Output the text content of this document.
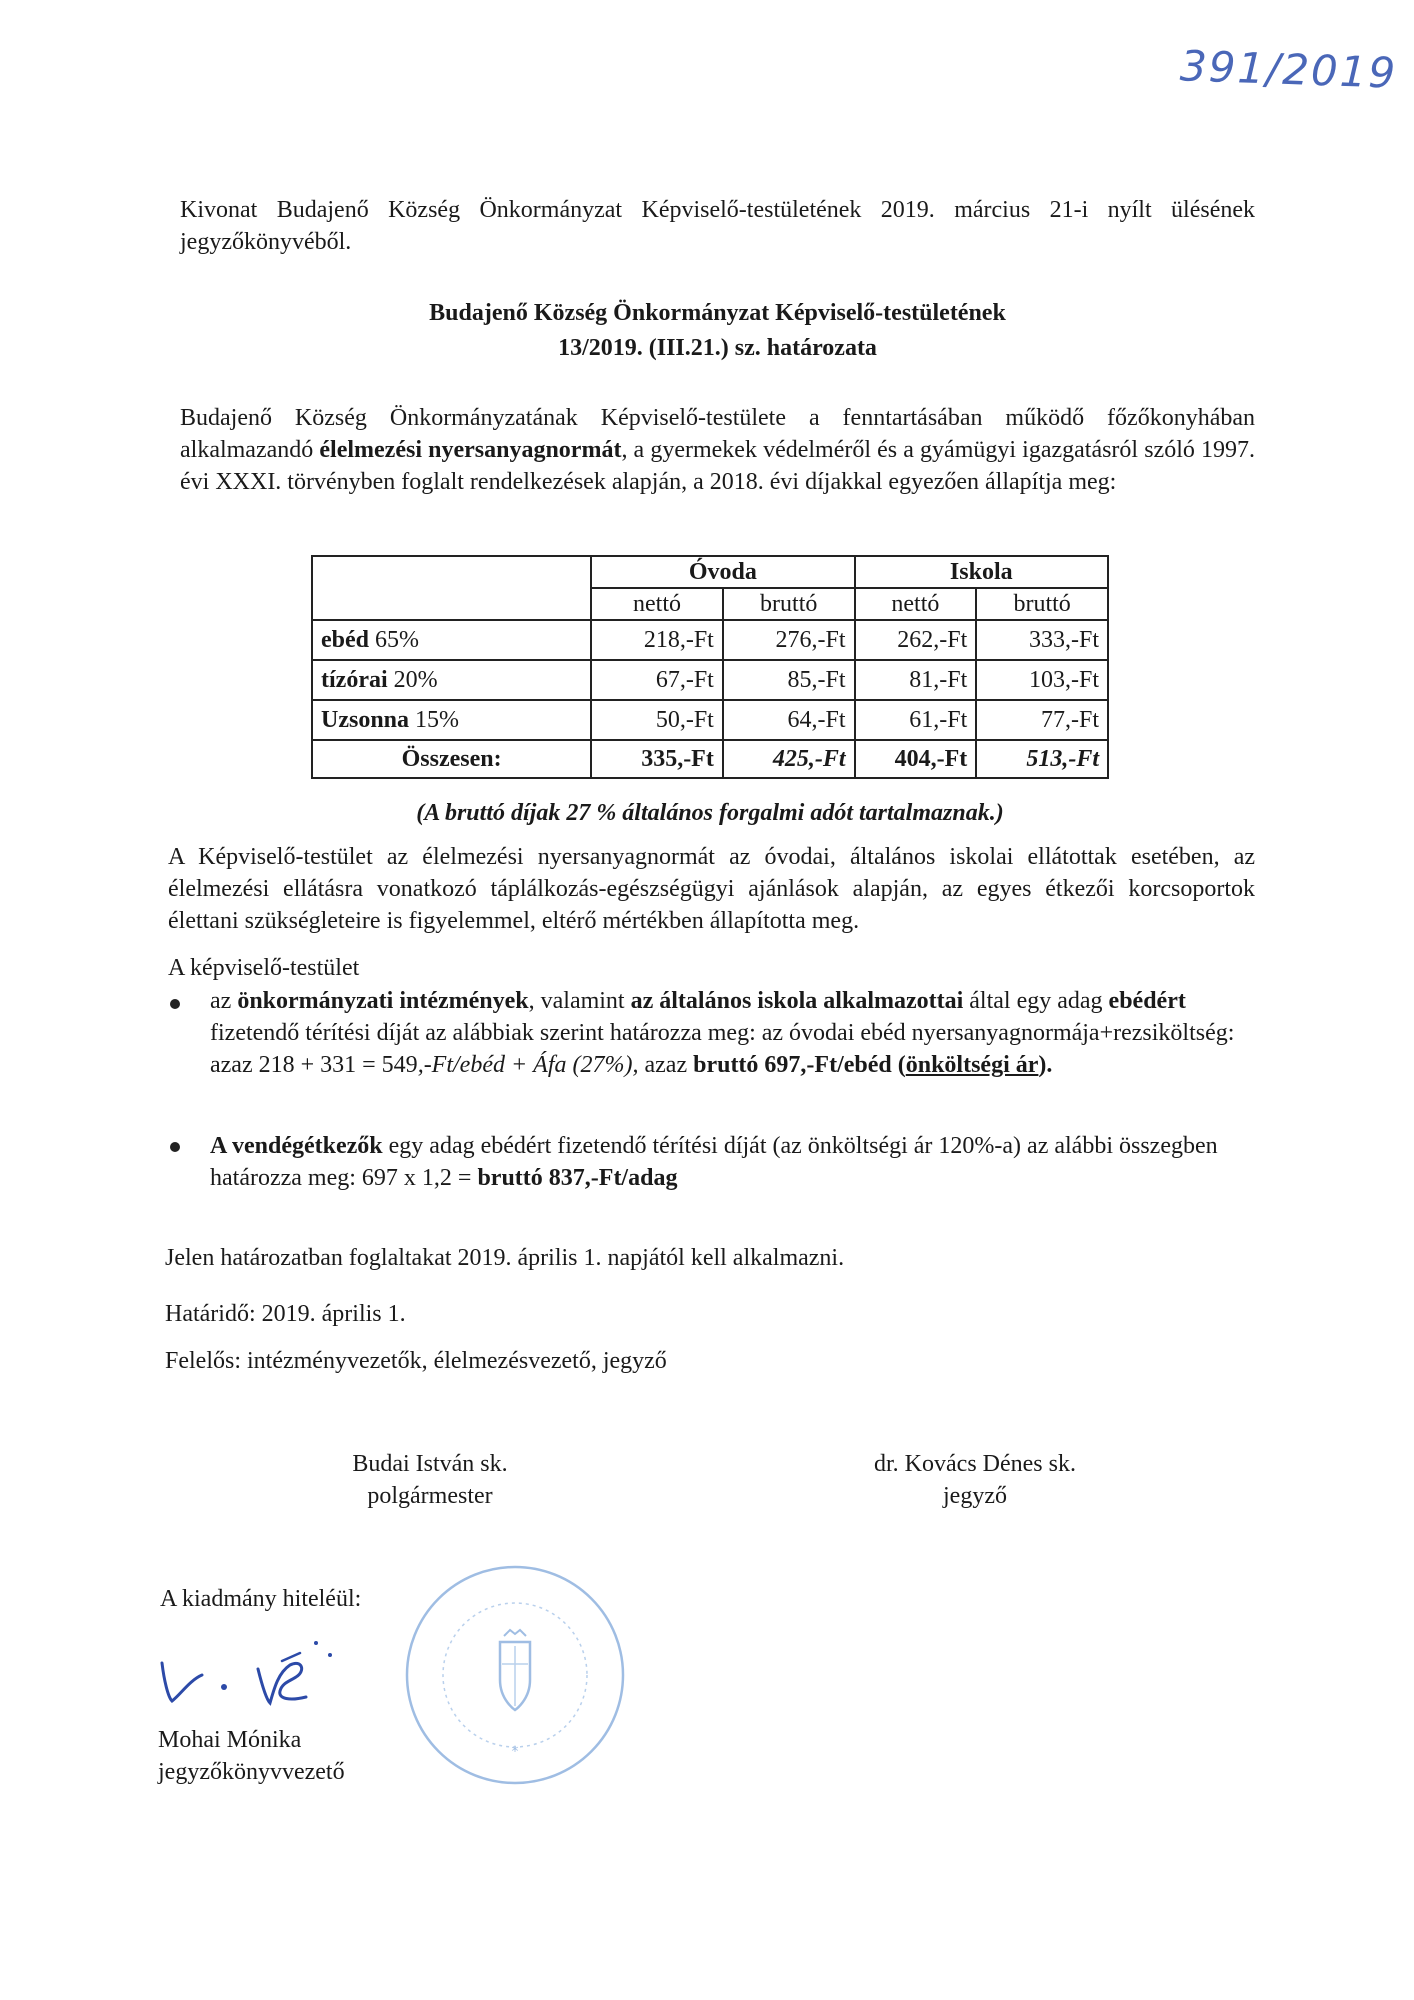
391/2019
Kivonat Budajenő Község Önkormányzat Képviselő-testületének 2019. március 21-i nyílt ülésének jegyzőkönyvéből.
Budajenő Község Önkormányzat Képviselő-testületének
13/2019. (III.21.) sz. határozata
Budajenő Község Önkormányzatának Képviselő-testülete a fenntartásában működő főzőkonyhában alkalmazandó élelmezési nyersanyagnormát, a gyermekek védelméről és a gyámügyi igazgatásról szóló 1997. évi XXXI. törvényben foglalt rendelkezések alapján, a 2018. évi díjakkal egyezően állapítja meg:
	Óvoda		Iskola	
	nettó	bruttó	nettó	bruttó
ebéd 65%	218,-Ft	276,-Ft	262,-Ft	333,-Ft
tízórai 20%	67,-Ft	85,-Ft	81,-Ft	103,-Ft
Uzsonna 15%	50,-Ft	64,-Ft	61,-Ft	77,-Ft
Összesen:	335,-Ft	425,-Ft	404,-Ft	513,-Ft
(A bruttó díjak 27 % általános forgalmi adót tartalmaznak.)
A Képviselő-testület az élelmezési nyersanyagnormát az óvodai, általános iskolai ellátottak esetében, az élelmezési ellátásra vonatkozó táplálkozás-egészségügyi ajánlások alapján, az egyes étkezői korcsoportok élettani szükségleteire is figyelemmel, eltérő mértékben állapította meg.
A képviselő-testület
az önkormányzati intézmények, valamint az általános iskola alkalmazottai által egy adag ebédért fizetendő térítési díját az alábbiak szerint határozza meg: az óvodai ebéd nyersanyagnormája+rezsiköltség: azaz 218 + 331 = 549,-Ft/ebéd + Áfa (27%), azaz bruttó 697,-Ft/ebéd (önköltségi ár).
A vendégétkezők egy adag ebédért fizetendő térítési díját (az önköltségi ár 120%-a) az alábbi összegben határozza meg: 697 x 1,2 = bruttó 837,-Ft/adag
Jelen határozatban foglaltakat 2019. április 1. napjától kell alkalmazni.
Határidő: 2019. április 1.
Felelős: intézményvezetők, élelmezésvezető, jegyző
Budai István sk.
polgármester
dr. Kovács Dénes sk.
jegyző
A kiadmány hiteléül:
Mohai Mónika
jegyzőkönyvvezető
*
